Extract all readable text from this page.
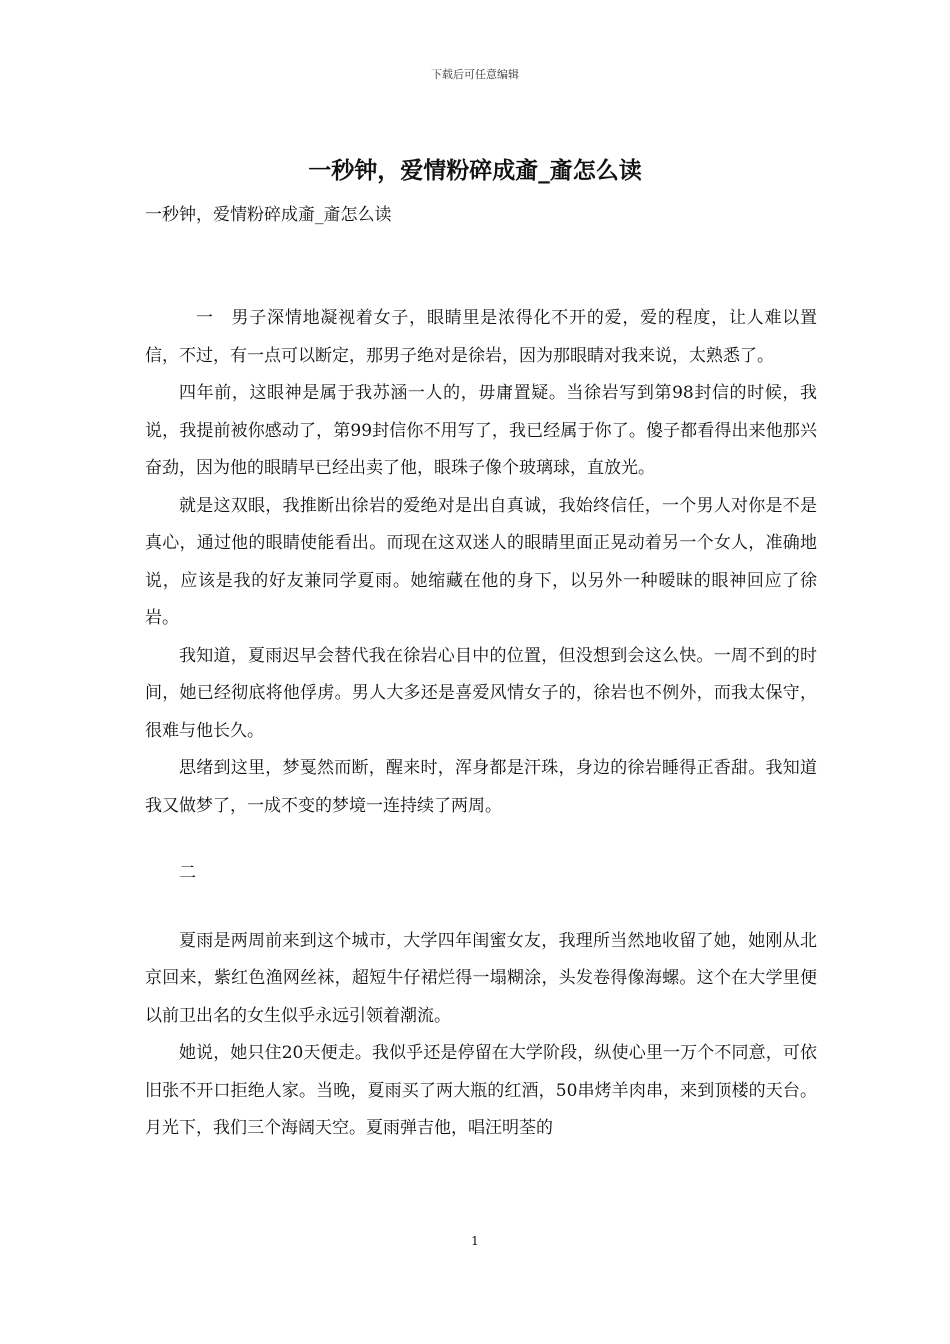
下载后可任意编辑
一秒钟，爱情粉碎成齑_齑怎么读

一秒钟，爱情粉碎成齑_齑怎么读

一　男子深情地凝视着女子，眼睛里是浓得化不开的爱，爱的程度，让人难以置信，不过，有一点可以断定，那男子绝对是徐岩，因为那眼睛对我来说，太熟悉了。

四年前，这眼神是属于我苏涵一人的，毋庸置疑。当徐岩写到第98封信的时候，我说，我提前被你感动了，第99封信你不用写了，我已经属于你了。傻子都看得出来他那兴奋劲，因为他的眼睛早已经出卖了他，眼珠子像个玻璃球，直放光。

就是这双眼，我推断出徐岩的爱绝对是出自真诚，我始终信任，一个男人对你是不是真心，通过他的眼睛使能看出。而现在这双迷人的眼睛里面正晃动着另一个女人，准确地说，应该是我的好友兼同学夏雨。她缩藏在他的身下，以另外一种暧昧的眼神回应了徐岩。

我知道，夏雨迟早会替代我在徐岩心目中的位置，但没想到会这么快。一周不到的时间，她已经彻底将他俘虏。男人大多还是喜爱风情女子的，徐岩也不例外，而我太保守，很难与他长久。

思绪到这里，梦戛然而断，醒来时，浑身都是汗珠，身边的徐岩睡得正香甜。我知道我又做梦了，一成不变的梦境一连持续了两周。

二

夏雨是两周前来到这个城市，大学四年闺蜜女友，我理所当然地收留了她，她刚从北京回来，紫红色渔网丝袜，超短牛仔裙烂得一塌糊涂，头发卷得像海螺。这个在大学里便以前卫出名的女生似乎永远引领着潮流。

她说，她只住20天便走。我似乎还是停留在大学阶段，纵使心里一万个不同意，可依旧张不开口拒绝人家。当晚，夏雨买了两大瓶的红酒，50串烤羊肉串，来到顶楼的天台。月光下，我们三个海阔天空。夏雨弹吉他，唱汪明荃的

1
